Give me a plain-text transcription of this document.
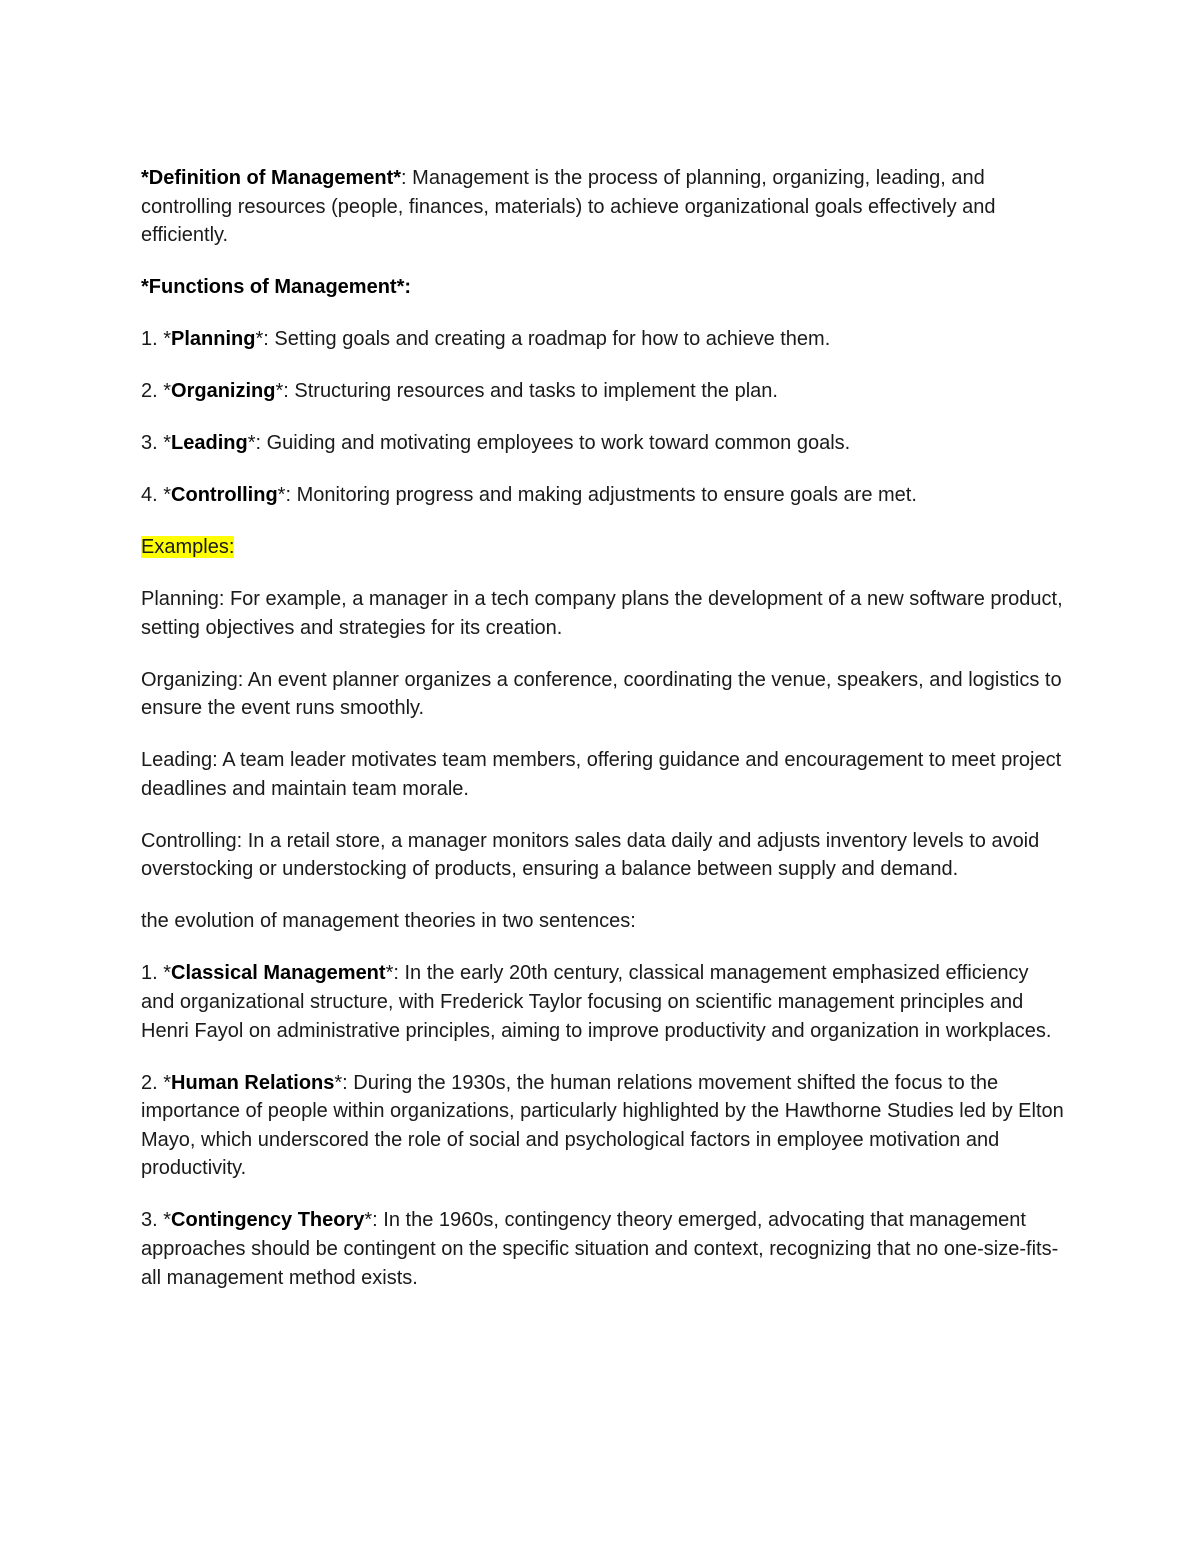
*Definition of Management*: Management is the process of planning, organizing, leading, and controlling resources (people, finances, materials) to achieve organizational goals effectively and efficiently.

*Functions of Management*:

1. *Planning*: Setting goals and creating a roadmap for how to achieve them.

2. *Organizing*: Structuring resources and tasks to implement the plan.

3. *Leading*: Guiding and motivating employees to work toward common goals.

4. *Controlling*: Monitoring progress and making adjustments to ensure goals are met.

Examples:

Planning: For example, a manager in a tech company plans the development of a new software product, setting objectives and strategies for its creation.

Organizing: An event planner organizes a conference, coordinating the venue, speakers, and logistics to ensure the event runs smoothly.

Leading: A team leader motivates team members, offering guidance and encouragement to meet project deadlines and maintain team morale.

Controlling: In a retail store, a manager monitors sales data daily and adjusts inventory levels to avoid overstocking or understocking of products, ensuring a balance between supply and demand.

the evolution of management theories in two sentences:

1. *Classical Management*: In the early 20th century, classical management emphasized efficiency and organizational structure, with Frederick Taylor focusing on scientific management principles and Henri Fayol on administrative principles, aiming to improve productivity and organization in workplaces.

2. *Human Relations*: During the 1930s, the human relations movement shifted the focus to the importance of people within organizations, particularly highlighted by the Hawthorne Studies led by Elton Mayo, which underscored the role of social and psychological factors in employee motivation and productivity.

3. *Contingency Theory*: In the 1960s, contingency theory emerged, advocating that management approaches should be contingent on the specific situation and context, recognizing that no one-size-fits-all management method exists.
